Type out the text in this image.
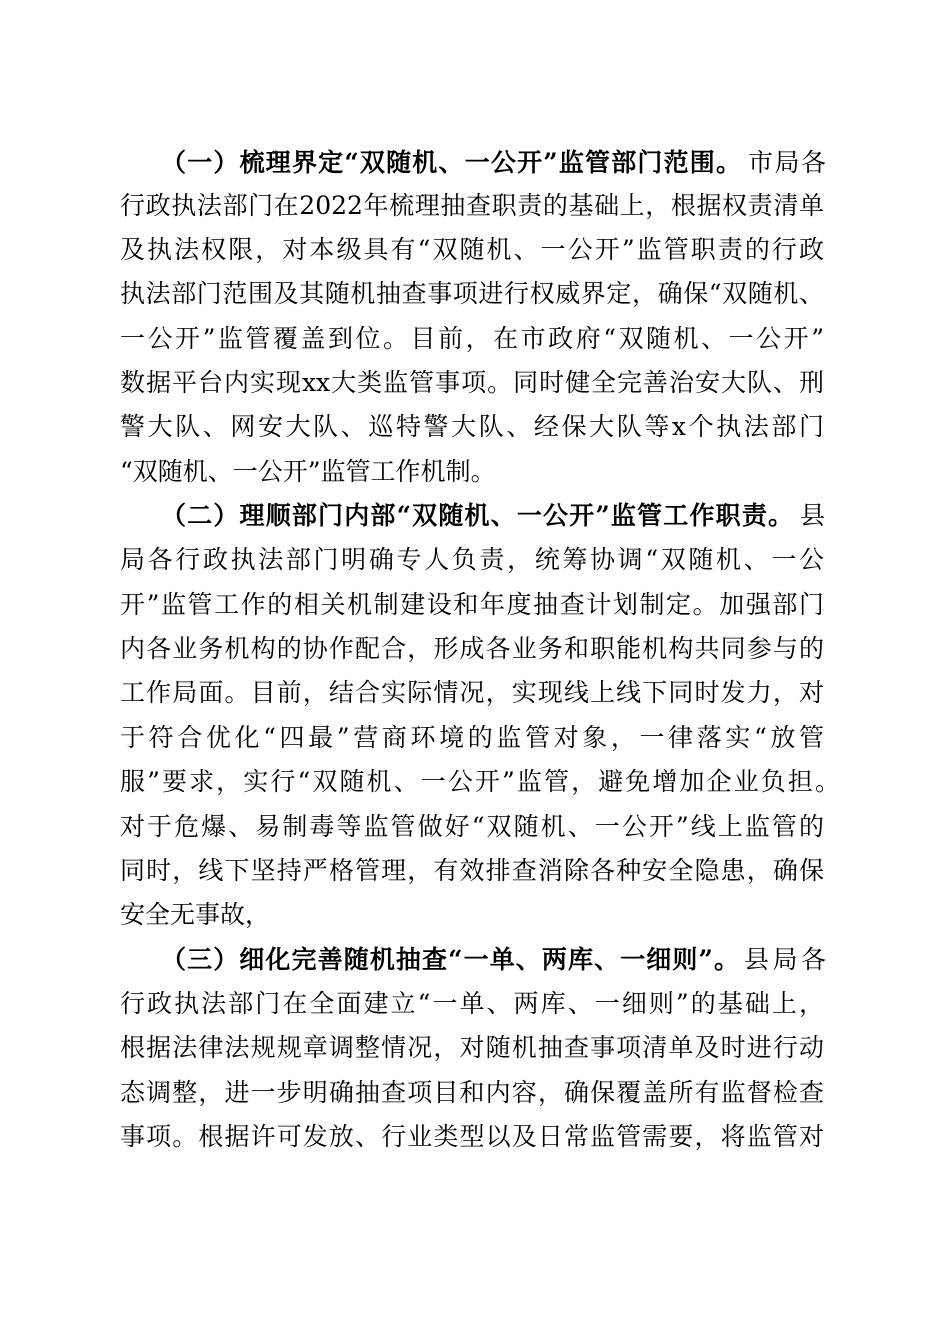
（一）梳理界定“双随机、一公开”监管部门范围。 市局各
行政执法部门在2022年梳理抽查职责的基础上，根据权责清单
及执法权限，对本级具有“双随机、一公开”监管职责的行政
执法部门范围及其随机抽查事项进行权威界定，确保“双随机、
一公开”监管覆盖到位。目前，在市政府“双随机、一公开”
数据平台内实现xx大类监管事项。同时健全完善治安大队、刑
警大队、网安大队、巡特警大队、经保大队等x个执法部门
“双随机、一公开”监管工作机制。
（二）理顺部门内部“双随机、一公开”监管工作职责。 县
局各行政执法部门明确专人负责，统筹协调“双随机、一公
开”监管工作的相关机制建设和年度抽查计划制定。加强部门
内各业务机构的协作配合，形成各业务和职能机构共同参与的
工作局面。目前，结合实际情况，实现线上线下同时发力，对
于符合优化“四最”营商环境的监管对象，一律落实“放管
服”要求，实行“双随机、一公开”监管，避免增加企业负担。
对于危爆、易制毒等监管做好“双随机、一公开”线上监管的
同时，线下坚持严格管理，有效排查消除各种安全隐患，确保
安全无事故，
（三）细化完善随机抽查“一单、两库、一细则”。 县局各
行政执法部门在全面建立“一单、两库、一细则”的基础上，
根据法律法规规章调整情况，对随机抽查事项清单及时进行动
态调整，进一步明确抽查项目和内容，确保覆盖所有监督检查
事项。根据许可发放、行业类型以及日常监管需要，将监管对
